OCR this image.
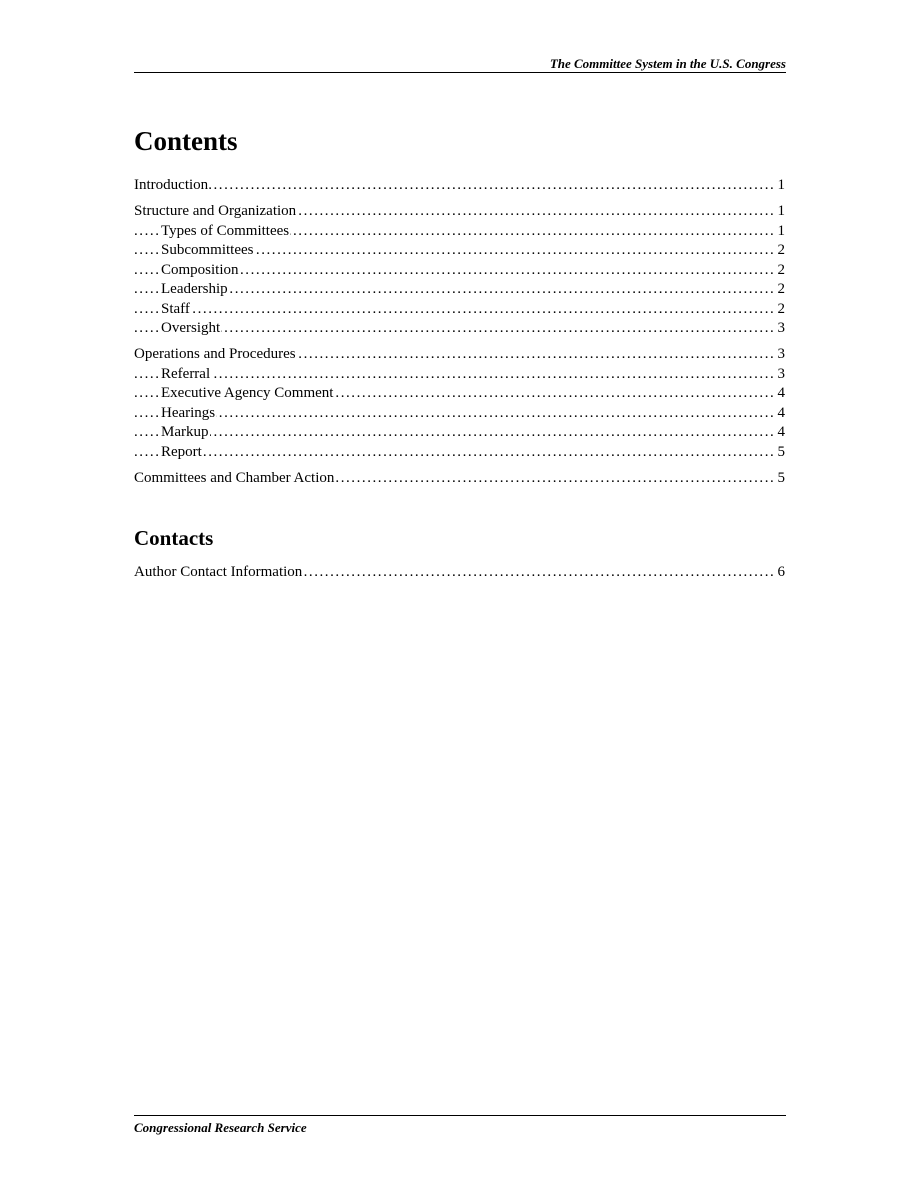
The Committee System in the U.S. Congress
Contents
. . . Introduction	1
. . . Structure and Organization	1
. . . Types of Committees	1
. . . Subcommittees	2
. . . Composition	2
. . . Leadership	2
. . . Staff	2
. . . Oversight	3
. . . Operations and Procedures	3
. . . Referral	3
. . . Executive Agency Comment	4
. . . Hearings	4
. . . Markup	4
. . . Report	5
. . . Committees and Chamber Action	5
Contacts
. . . Author Contact Information	6

Congressional Research Service
